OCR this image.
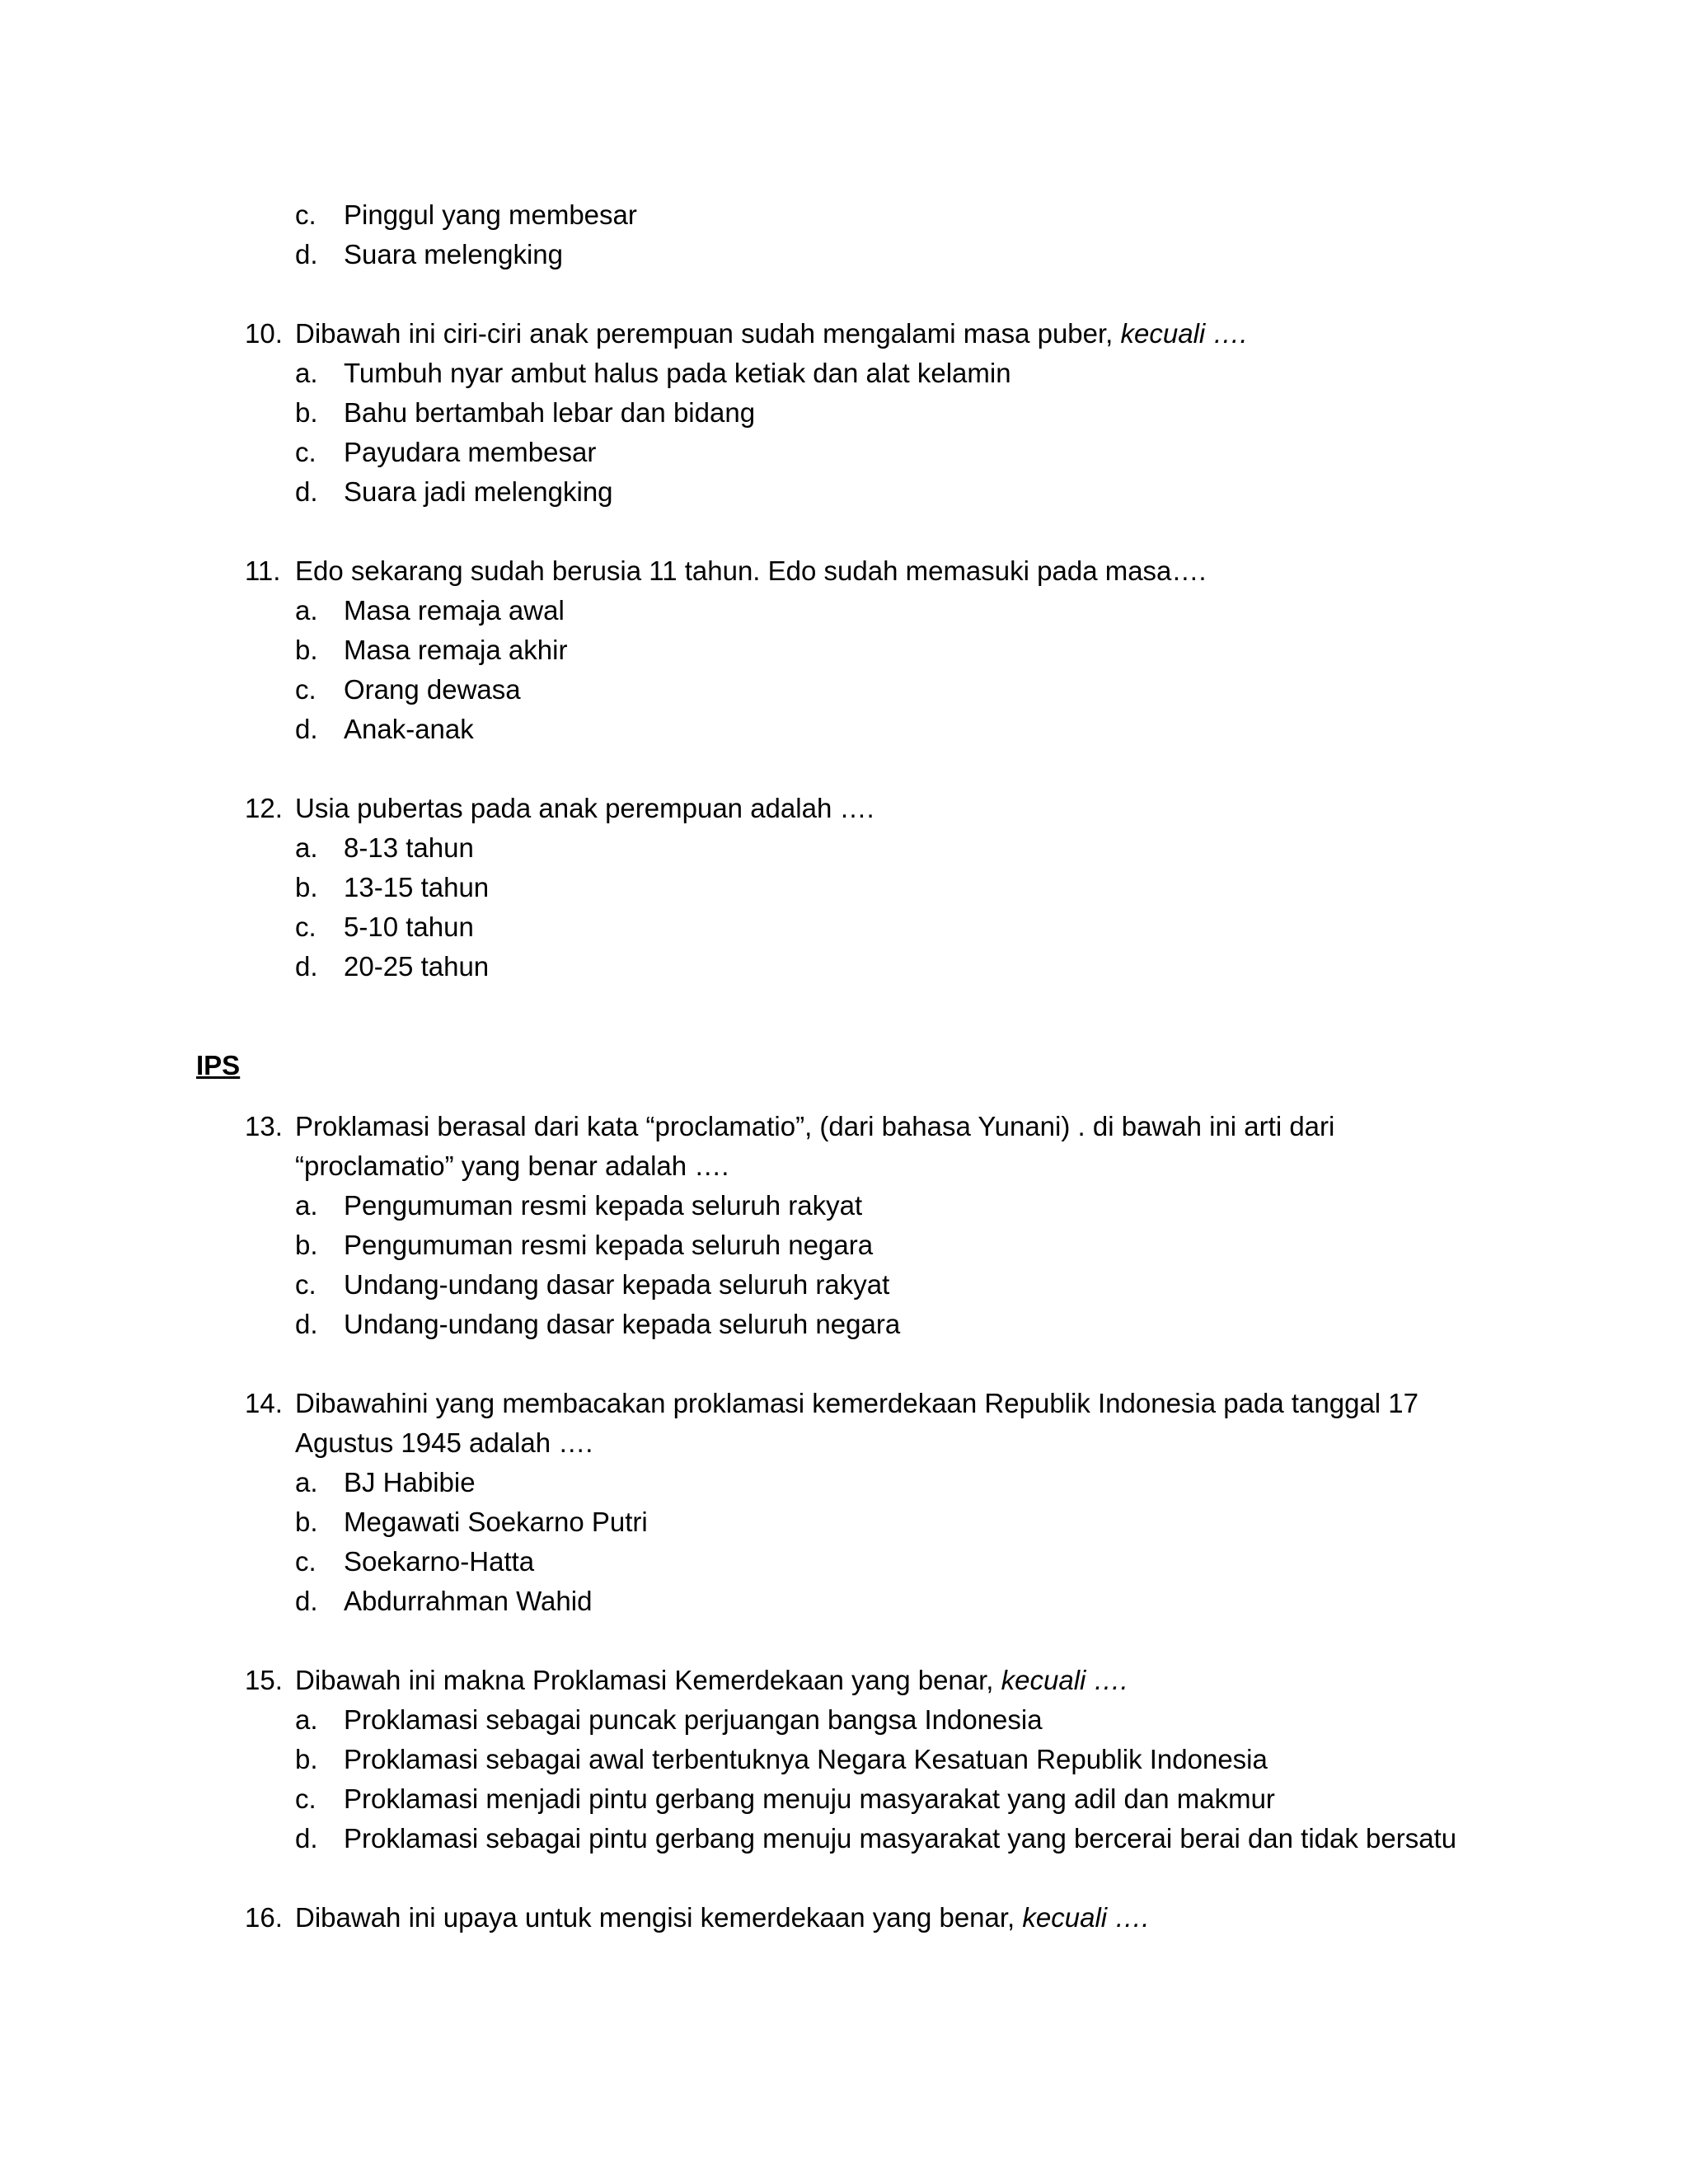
c.	Pinggul yang membesar
d. Suara melengking
10. Dibawah ini ciri-ciri anak perempuan sudah mengalami masa puber, kecuali ….
a. Tumbuh nyar ambut halus pada ketiak dan alat kelamin
b. Bahu bertambah lebar dan bidang
c.	Payudara membesar
d. Suara jadi melengking
11. Edo sekarang sudah berusia 11 tahun. Edo sudah memasuki pada masa….
a. Masa remaja awal
b. Masa remaja akhir
c.	Orang dewasa
d. Anak-anak
12. Usia pubertas pada anak perempuan adalah ….
a. 8-13 tahun
b. 13-15 tahun
c.	5-10 tahun
d. 20-25 tahun
IPS
13. Proklamasi berasal dari kata “proclamatio”, (dari bahasa Yunani) . di bawah ini arti dari
“proclamatio” yang benar adalah ….
a. Pengumuman resmi kepada seluruh rakyat
b. Pengumuman resmi kepada seluruh negara
c.	Undang-undang dasar kepada seluruh rakyat
d. Undang-undang dasar kepada seluruh negara
14. Dibawahini yang membacakan proklamasi kemerdekaan Republik Indonesia pada tanggal 17
Agustus 1945 adalah ….
a. BJ Habibie
b. Megawati Soekarno Putri
c.	Soekarno-Hatta
d. Abdurrahman Wahid
15. Dibawah ini makna Proklamasi Kemerdekaan yang benar, kecuali ….
a. Proklamasi sebagai puncak perjuangan bangsa Indonesia
b. Proklamasi sebagai awal terbentuknya Negara Kesatuan Republik Indonesia
c.	Proklamasi menjadi pintu gerbang menuju masyarakat yang adil dan makmur
d. Proklamasi sebagai pintu gerbang menuju masyarakat yang bercerai berai dan tidak bersatu
16. Dibawah ini upaya untuk mengisi kemerdekaan yang benar, kecuali ….
